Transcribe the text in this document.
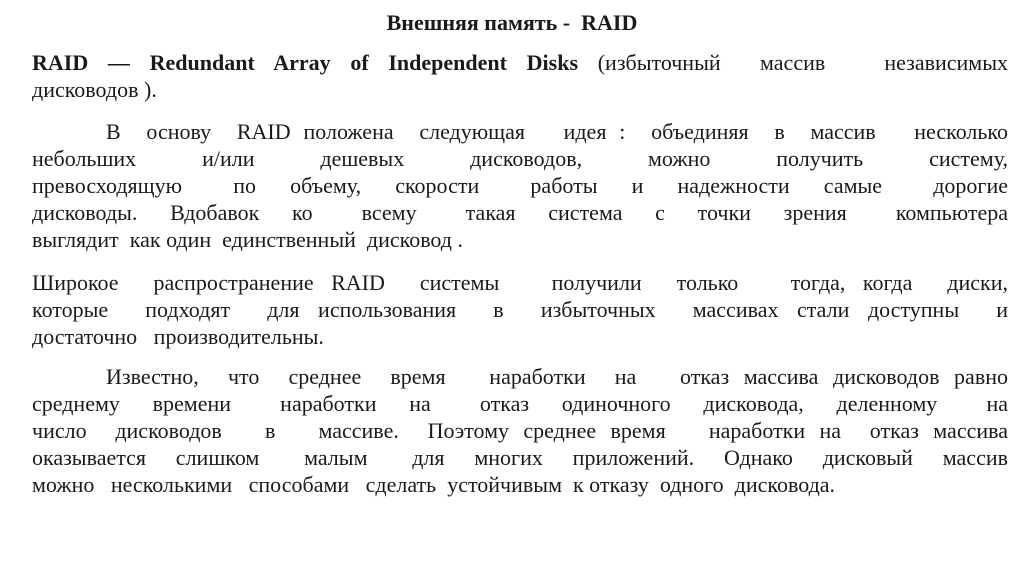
Внешняя память -  RAID
RAID — Redundant Array of Independent Disks (избыточный  массив   независимых
дисководов ).
В  основу  RAID положена  следующая   идея :  объединяя  в  массив   несколько
небольших   и/или   дешевых   дисководов,   можно   получить   систему,
превосходящую   по  объему,  скорости   работы  и  надежности  самые   дорогие
дисководы.  Вдобавок  ко   всему   такая  система  с  точки  зрения   компьютера
выглядит  как один  единственный  дисковод .
Широкое  распространение RAID  системы   получили  только   тогда, когда  диски,
которые  подходят  для использования  в  избыточных  массивах стали доступны  и
достаточно   производительны.
Известно,  что  среднее  время   наработки  на   отказ массива дисководов равно
среднему  времени   наработки  на   отказ  одиночного  дисковода,  деленному   на
число  дисководов   в   массиве.  Поэтому среднее время   наработки на  отказ массива
оказывается  слишком   малым   для  многих  приложений.  Однако  дисковый  массив
можно   несколькими   способами   сделать  устойчивым  к отказу  одного  дисковода.
